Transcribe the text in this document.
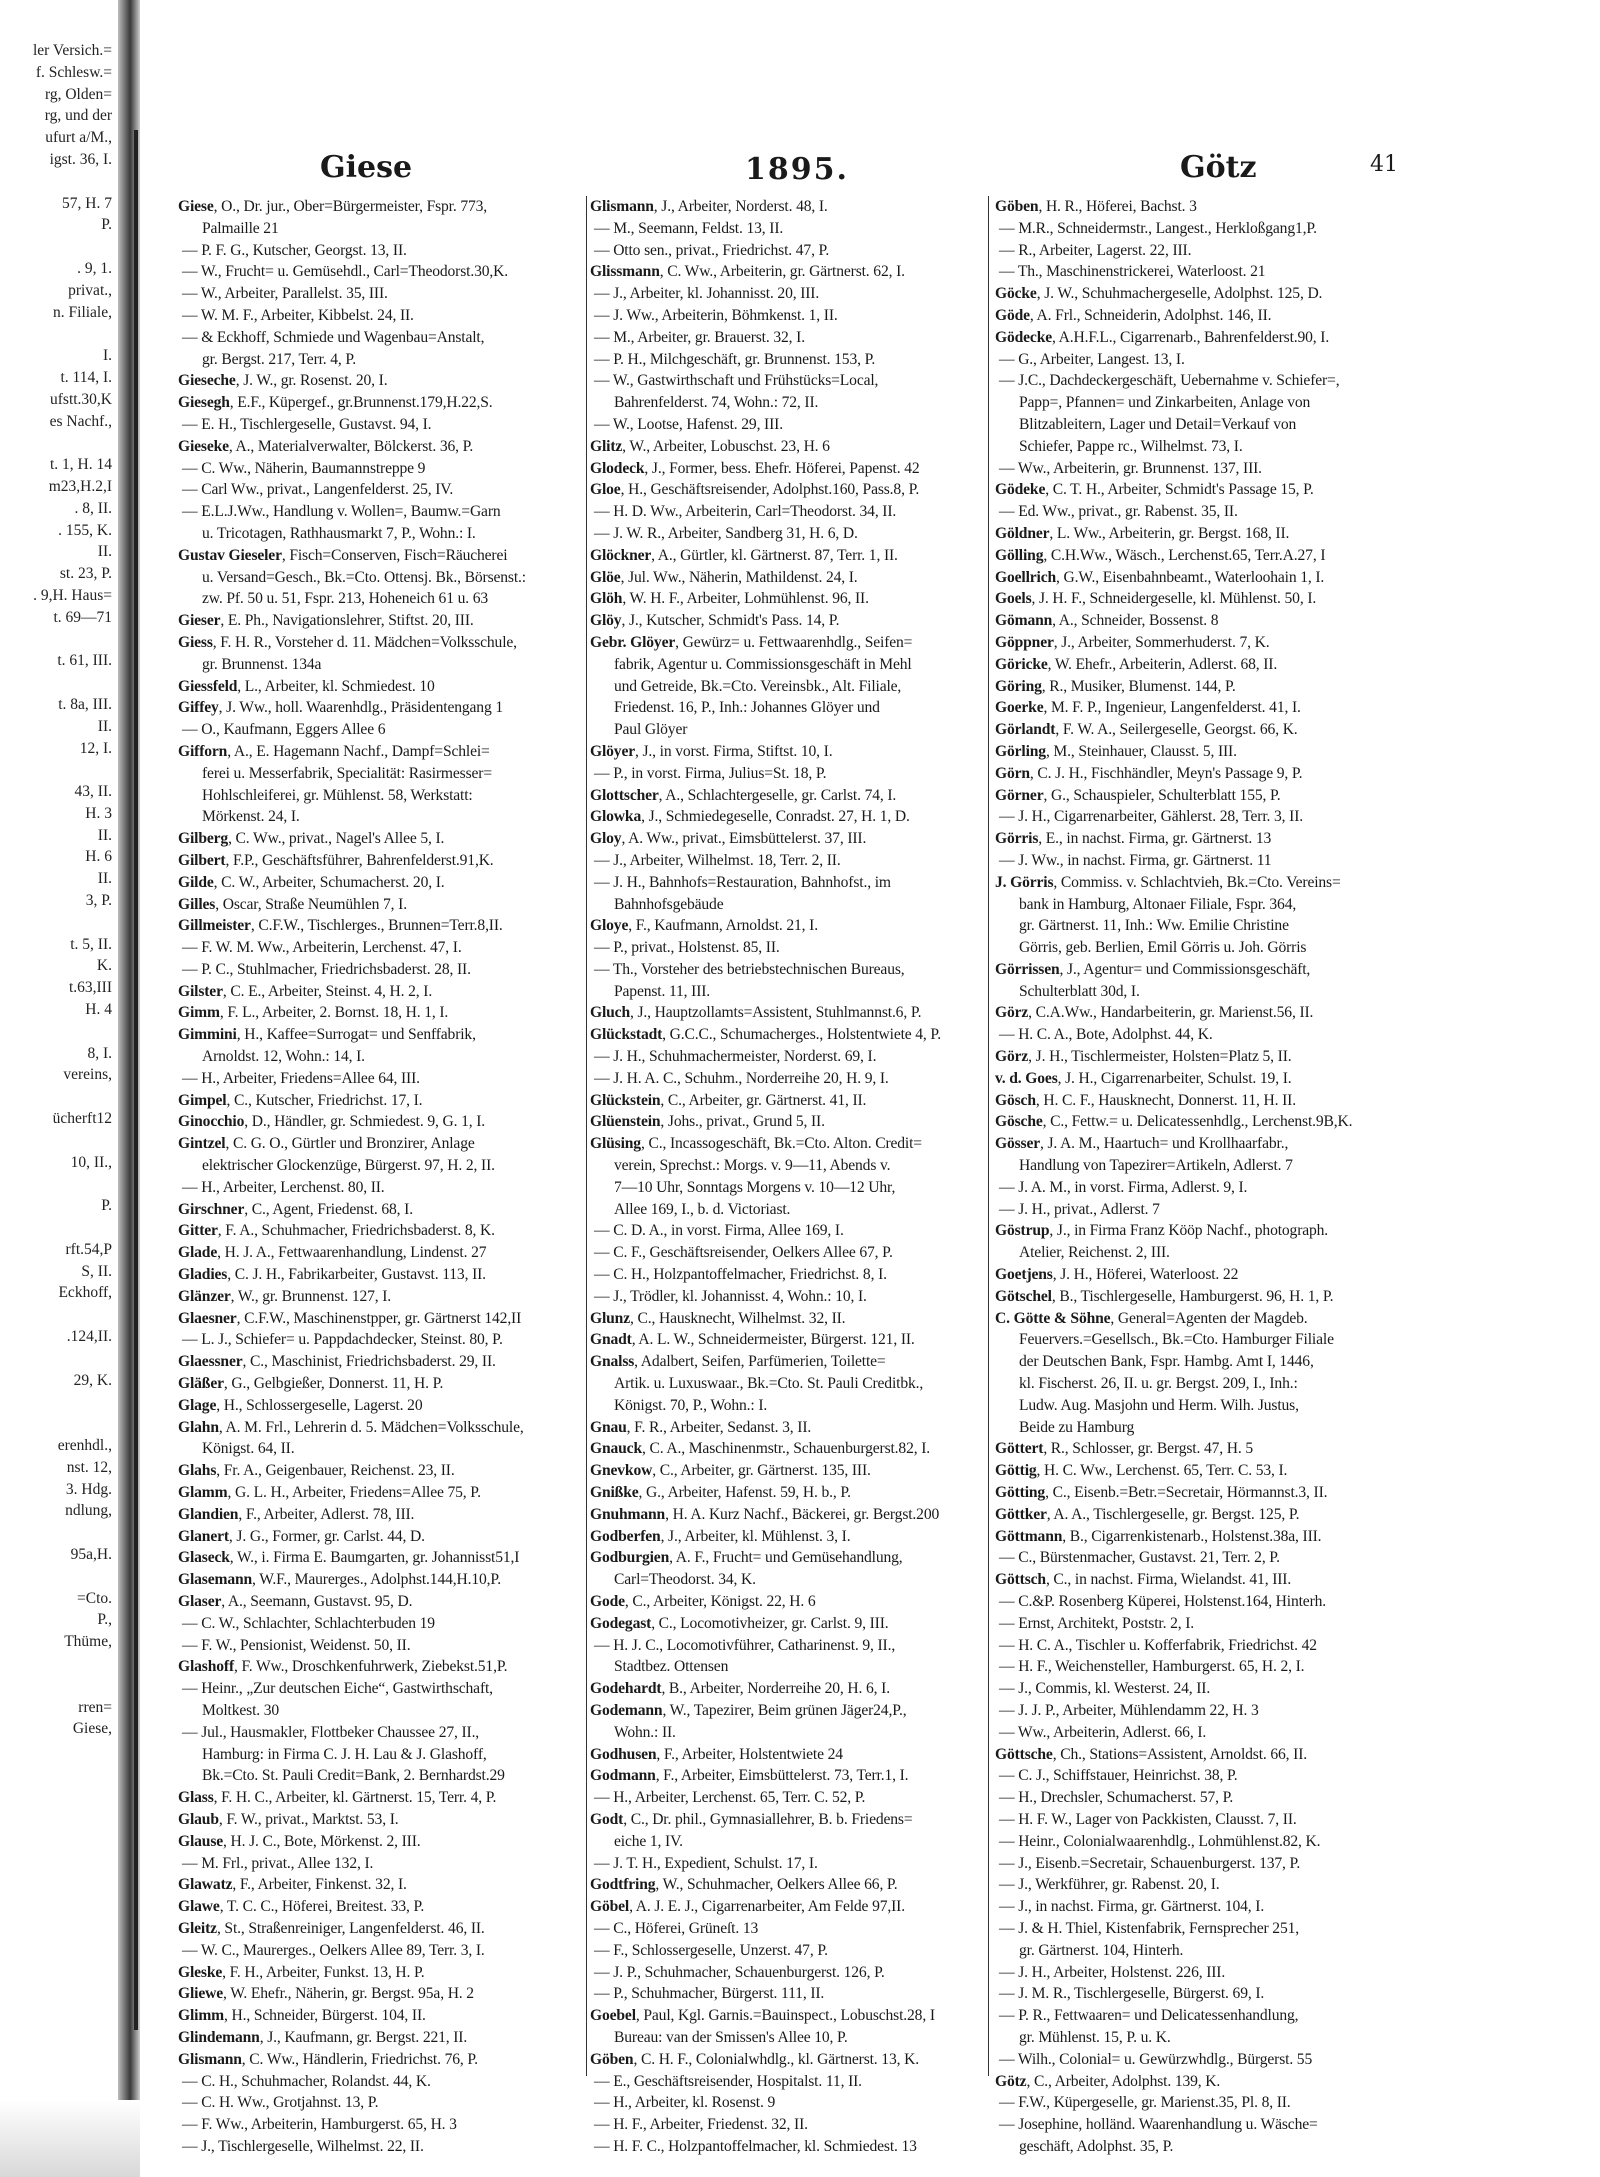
ler Versich.=
f. Schlesw.=
rg, Olden=
rg, und der
ufurt a/M.,
igst. 36, I.
57, H. 7
P.
. 9, 1.
privat.,
n. Filiale,
I.
t. 114, I.
ufstt.30,K
es Nachf.,
t. 1, H. 14
m23,H.2,I
. 8, II.
. 155, K.
II.
st. 23, P.
. 9,H. Haus=
t. 69—71
t. 61, III.
t. 8a, III.
II.
12, I.
43, II.
H. 3
II.
H. 6
II.
3, P.
t. 5, II.
K.
t.63,III
H. 4
8, I.
vereins,
ücherft12
10, II.,
P.
rft.54,P
S, II.
Eckhoff,
.124,II.
29, K.
erenhdl.,
nst. 12,
3. Hdg.
ndlung,
95a,H.
=Cto.
P.,
Thüme,
rren=
Giese,
Giese	1895.	Götz	41
Giese, O., Dr. jur., Ober=Bürgermeister, Fspr. 773,
Palmaille 21
— P. F. G., Kutscher, Georgst. 13, II.
— W., Frucht= u. Gemüsehdl., Carl=Theodorst.30,K.
— W., Arbeiter, Parallelst. 35, III.
— W. M. F., Arbeiter, Kibbelst. 24, II.
— & Eckhoff, Schmiede und Wagenbau=Anstalt,
gr. Bergst. 217, Terr. 4, P.
Gieseche, J. W., gr. Rosenst. 20, I.
Giesegh, E.F., Küpergef., gr.Brunnenst.179,H.22,S.
— E. H., Tischlergeselle, Gustavst. 94, I.
Gieseke, A., Materialverwalter, Bölckerst. 36, P.
— C. Ww., Näherin, Baumannstreppe 9
— Carl Ww., privat., Langenfelderst. 25, IV.
— E.L.J.Ww., Handlung v. Wollen=, Baumw.=Garn
u. Tricotagen, Rathhausmarkt 7, P., Wohn.: I.
Gustav Gieseler, Fisch=Conserven, Fisch=Räucherei
u. Versand=Gesch., Bk.=Cto. Ottensj. Bk., Börsenst.:
zw. Pf. 50 u. 51, Fspr. 213, Hoheneich 61 u. 63
Gieser, E. Ph., Navigationslehrer, Stiftst. 20, III.
Giess, F. H. R., Vorsteher d. 11. Mädchen=Volksschule,
gr. Brunnenst. 134a
Giessfeld, L., Arbeiter, kl. Schmiedest. 10
Giffey, J. Ww., holl. Waarenhdlg., Präsidentengang 1
— O., Kaufmann, Eggers Allee 6
Gifforn, A., E. Hagemann Nachf., Dampf=Schlei=
ferei u. Messerfabrik, Specialität: Rasirmesser=
Hohlschleiferei, gr. Mühlenst. 58, Werkstatt:
Mörkenst. 24, I.
Gilberg, C. Ww., privat., Nagel's Allee 5, I.
Gilbert, F.P., Geschäftsführer, Bahrenfelderst.91,K.
Gilde, C. W., Arbeiter, Schumacherst. 20, I.
Gilles, Oscar, Straße Neumühlen 7, I.
Gillmeister, C.F.W., Tischlerges., Brunnen=Terr.8,II.
— F. W. M. Ww., Arbeiterin, Lerchenst. 47, I.
— P. C., Stuhlmacher, Friedrichsbaderst. 28, II.
Gilster, C. E., Arbeiter, Steinst. 4, H. 2, I.
Gimm, F. L., Arbeiter, 2. Bornst. 18, H. 1, I.
Gimmini, H., Kaffee=Surrogat= und Senffabrik,
Arnoldst. 12, Wohn.: 14, I.
— H., Arbeiter, Friedens=Allee 64, III.
Gimpel, C., Kutscher, Friedrichst. 17, I.
Ginocchio, D., Händler, gr. Schmiedest. 9, G. 1, I.
Gintzel, C. G. O., Gürtler und Bronzirer, Anlage
elektrischer Glockenzüge, Bürgerst. 97, H. 2, II.
— H., Arbeiter, Lerchenst. 80, II.
Girschner, C., Agent, Friedenst. 68, I.
Gitter, F. A., Schuhmacher, Friedrichsbaderst. 8, K.
Glade, H. J. A., Fettwaarenhandlung, Lindenst. 27
Gladies, C. J. H., Fabrikarbeiter, Gustavst. 113, II.
Glänzer, W., gr. Brunnenst. 127, I.
Glaesner, C.F.W., Maschinenstpper, gr. Gärtnerst 142,II
— L. J., Schiefer= u. Pappdachdecker, Steinst. 80, P.
Glaessner, C., Maschinist, Friedrichsbaderst. 29, II.
Gläßer, G., Gelbgießer, Donnerst. 11, H. P.
Glage, H., Schlossergeselle, Lagerst. 20
Glahn, A. M. Frl., Lehrerin d. 5. Mädchen=Volksschule,
Königst. 64, II.
Glahs, Fr. A., Geigenbauer, Reichenst. 23, II.
Glamm, G. L. H., Arbeiter, Friedens=Allee 75, P.
Glandien, F., Arbeiter, Adlerst. 78, III.
Glanert, J. G., Former, gr. Carlst. 44, D.
Glaseck, W., i. Firma E. Baumgarten, gr. Johannisst51,I
Glasemann, W.F., Maurerges., Adolphst.144,H.10,P.
Glaser, A., Seemann, Gustavst. 95, D.
— C. W., Schlachter, Schlachterbuden 19
— F. W., Pensionist, Weidenst. 50, II.
Glashoff, F. Ww., Droschkenfuhrwerk, Ziebekst.51,P.
— Heinr., „Zur deutschen Eiche“, Gastwirthschaft,
Moltkest. 30
— Jul., Hausmakler, Flottbeker Chaussee 27, II.,
Hamburg: in Firma C. J. H. Lau & J. Glashoff,
Bk.=Cto. St. Pauli Credit=Bank, 2. Bernhardst.29
Glass, F. H. C., Arbeiter, kl. Gärtnerst. 15, Terr. 4, P.
Glaub, F. W., privat., Marktst. 53, I.
Glause, H. J. C., Bote, Mörkenst. 2, III.
— M. Frl., privat., Allee 132, I.
Glawatz, F., Arbeiter, Finkenst. 32, I.
Glawe, T. C. C., Höferei, Breitest. 33, P.
Gleitz, St., Straßenreiniger, Langenfelderst. 46, II.
— W. C., Maurerges., Oelkers Allee 89, Terr. 3, I.
Gleske, F. H., Arbeiter, Funkst. 13, H. P.
Gliewe, W. Ehefr., Näherin, gr. Bergst. 95a, H. 2
Glimm, H., Schneider, Bürgerst. 104, II.
Glindemann, J., Kaufmann, gr. Bergst. 221, II.
Glismann, C. Ww., Händlerin, Friedrichst. 76, P.
— C. H., Schuhmacher, Rolandst. 44, K.
— C. H. Ww., Grotjahnst. 13, P.
— F. Ww., Arbeiterin, Hamburgerst. 65, H. 3
— J., Tischlergeselle, Wilhelmst. 22, II.
Glismann, J., Arbeiter, Norderst. 48, I.
— M., Seemann, Feldst. 13, II.
— Otto sen., privat., Friedrichst. 47, P.
Glissmann, C. Ww., Arbeiterin, gr. Gärtnerst. 62, I.
— J., Arbeiter, kl. Johannisst. 20, III.
— J. Ww., Arbeiterin, Böhmkenst. 1, II.
— M., Arbeiter, gr. Brauerst. 32, I.
— P. H., Milchgeschäft, gr. Brunnenst. 153, P.
— W., Gastwirthschaft und Frühstücks=Local,
Bahrenfelderst. 74, Wohn.: 72, II.
— W., Lootse, Hafenst. 29, III.
Glitz, W., Arbeiter, Lobuschst. 23, H. 6
Glodeck, J., Former, bess. Ehefr. Höferei, Papenst. 42
Gloe, H., Geschäftsreisender, Adolphst.160, Pass.8, P.
— H. D. Ww., Arbeiterin, Carl=Theodorst. 34, II.
— J. W. R., Arbeiter, Sandberg 31, H. 6, D.
Glöckner, A., Gürtler, kl. Gärtnerst. 87, Terr. 1, II.
Glöe, Jul. Ww., Näherin, Mathildenst. 24, I.
Glöh, W. H. F., Arbeiter, Lohmühlenst. 96, II.
Glöy, J., Kutscher, Schmidt's Pass. 14, P.
Gebr. Glöyer, Gewürz= u. Fettwaarenhdlg., Seifen=
fabrik, Agentur u. Commissionsgeschäft in Mehl
und Getreide, Bk.=Cto. Vereinsbk., Alt. Filiale,
Friedenst. 16, P., Inh.: Johannes Glöyer und
Paul Glöyer
Glöyer, J., in vorst. Firma, Stiftst. 10, I.
— P., in vorst. Firma, Julius=St. 18, P.
Glottscher, A., Schlachtergeselle, gr. Carlst. 74, I.
Glowka, J., Schmiedegeselle, Conradst. 27, H. 1, D.
Gloy, A. Ww., privat., Eimsbüttelerst. 37, III.
— J., Arbeiter, Wilhelmst. 18, Terr. 2, II.
— J. H., Bahnhofs=Restauration, Bahnhofst., im
Bahnhofsgebäude
Gloye, F., Kaufmann, Arnoldst. 21, I.
— P., privat., Holstenst. 85, II.
— Th., Vorsteher des betriebstechnischen Bureaus,
Papenst. 11, III.
Gluch, J., Hauptzollamts=Assistent, Stuhlmannst.6, P.
Glückstadt, G.C.C., Schumacherges., Holstentwiete 4, P.
— J. H., Schuhmachermeister, Norderst. 69, I.
— J. H. A. C., Schuhm., Norderreihe 20, H. 9, I.
Glückstein, C., Arbeiter, gr. Gärtnerst. 41, II.
Glüenstein, Johs., privat., Grund 5, II.
Glüsing, C., Incassogeschäft, Bk.=Cto. Alton. Credit=
verein, Sprechst.: Morgs. v. 9—11, Abends v.
7—10 Uhr, Sonntags Morgens v. 10—12 Uhr,
Allee 169, I., b. d. Victoriast.
— C. D. A., in vorst. Firma, Allee 169, I.
— C. F., Geschäftsreisender, Oelkers Allee 67, P.
— C. H., Holzpantoffelmacher, Friedrichst. 8, I.
— J., Trödler, kl. Johannisst. 4, Wohn.: 10, I.
Glunz, C., Hausknecht, Wilhelmst. 32, II.
Gnadt, A. L. W., Schneidermeister, Bürgerst. 121, II.
Gnalss, Adalbert, Seifen, Parfümerien, Toilette=
Artik. u. Luxuswaar., Bk.=Cto. St. Pauli Creditbk.,
Königst. 70, P., Wohn.: I.
Gnau, F. R., Arbeiter, Sedanst. 3, II.
Gnauck, C. A., Maschinenmstr., Schauenburgerst.82, I.
Gnevkow, C., Arbeiter, gr. Gärtnerst. 135, III.
Gnißke, G., Arbeiter, Hafenst. 59, H. b., P.
Gnuhmann, H. A. Kurz Nachf., Bäckerei, gr. Bergst.200
Godberfen, J., Arbeiter, kl. Mühlenst. 3, I.
Godburgien, A. F., Frucht= und Gemüsehandlung,
Carl=Theodorst. 34, K.
Gode, C., Arbeiter, Königst. 22, H. 6
Godegast, C., Locomotivheizer, gr. Carlst. 9, III.
— H. J. C., Locomotivführer, Catharinenst. 9, II.,
Stadtbez. Ottensen
Godehardt, B., Arbeiter, Norderreihe 20, H. 6, I.
Godemann, W., Tapezirer, Beim grünen Jäger24,P.,
Wohn.: II.
Godhusen, F., Arbeiter, Holstentwiete 24
Godmann, F., Arbeiter, Eimsbüttelerst. 73, Terr.1, I.
— H., Arbeiter, Lerchenst. 65, Terr. C. 52, P.
Godt, C., Dr. phil., Gymnasiallehrer, B. b. Friedens=
eiche 1, IV.
— J. T. H., Expedient, Schulst. 17, I.
Godtfring, W., Schuhmacher, Oelkers Allee 66, P.
Göbel, A. J. E. J., Cigarrenarbeiter, Am Felde 97,II.
— C., Höferei, Grüneſt. 13
— F., Schlossergeselle, Unzerst. 47, P.
— J. P., Schuhmacher, Schauenburgerst. 126, P.
— P., Schuhmacher, Bürgerst. 111, II.
Goebel, Paul, Kgl. Garnis.=Bauinspect., Lobuschst.28, I
Bureau: van der Smissen's Allee 10, P.
Göben, C. H. F., Colonialwhdlg., kl. Gärtnerst. 13, K.
— E., Geschäftsreisender, Hospitalst. 11, II.
— H., Arbeiter, kl. Rosenst. 9
— H. F., Arbeiter, Friedenst. 32, II.
— H. F. C., Holzpantoffelmacher, kl. Schmiedest. 13
Göben, H. R., Höferei, Bachst. 3
— M.R., Schneidermstr., Langest., Herkloßgang1,P.
— R., Arbeiter, Lagerst. 22, III.
— Th., Maschinenstrickerei, Waterloost. 21
Göcke, J. W., Schuhmachergeselle, Adolphst. 125, D.
Göde, A. Frl., Schneiderin, Adolphst. 146, II.
Gödecke, A.H.F.L., Cigarrenarb., Bahrenfelderst.90, I.
— G., Arbeiter, Langest. 13, I.
— J.C., Dachdeckergeschäft, Uebernahme v. Schiefer=,
Papp=, Pfannen= und Zinkarbeiten, Anlage von
Blitzableitern, Lager und Detail=Verkauf von
Schiefer, Pappe rc., Wilhelmst. 73, I.
— Ww., Arbeiterin, gr. Brunnenst. 137, III.
Gödeke, C. T. H., Arbeiter, Schmidt's Passage 15, P.
— Ed. Ww., privat., gr. Rabenst. 35, II.
Göldner, L. Ww., Arbeiterin, gr. Bergst. 168, II.
Gölling, C.H.Ww., Wäsch., Lerchenst.65, Terr.A.27, I
Goellrich, G.W., Eisenbahnbeamt., Waterloohain 1, I.
Goels, J. H. F., Schneidergeselle, kl. Mühlenst. 50, I.
Gömann, A., Schneider, Bossenst. 8
Göppner, J., Arbeiter, Sommerhuderst. 7, K.
Göricke, W. Ehefr., Arbeiterin, Adlerst. 68, II.
Göring, R., Musiker, Blumenst. 144, P.
Goerke, M. F. P., Ingenieur, Langenfelderst. 41, I.
Görlandt, F. W. A., Seilergeselle, Georgst. 66, K.
Görling, M., Steinhauer, Clausst. 5, III.
Görn, C. J. H., Fischhändler, Meyn's Passage 9, P.
Görner, G., Schauspieler, Schulterblatt 155, P.
— J. H., Cigarrenarbeiter, Gählerst. 28, Terr. 3, II.
Görris, E., in nachst. Firma, gr. Gärtnerst. 13
— J. Ww., in nachst. Firma, gr. Gärtnerst. 11
J. Görris, Commiss. v. Schlachtvieh, Bk.=Cto. Vereins=
bank in Hamburg, Altonaer Filiale, Fspr. 364,
gr. Gärtnerst. 11, Inh.: Ww. Emilie Christine
Görris, geb. Berlien, Emil Görris u. Joh. Görris
Görrissen, J., Agentur= und Commissionsgeschäft,
Schulterblatt 30d, I.
Görz, C.A.Ww., Handarbeiterin, gr. Marienst.56, II.
— H. C. A., Bote, Adolphst. 44, K.
Görz, J. H., Tischlermeister, Holsten=Platz 5, II.
v. d. Goes, J. H., Cigarrenarbeiter, Schulst. 19, I.
Gösch, H. C. F., Hausknecht, Donnerst. 11, H. II.
Gösche, C., Fettw.= u. Delicatessenhdlg., Lerchenst.9B,K.
Gösser, J. A. M., Haartuch= und Krollhaarfabr.,
Handlung von Tapezirer=Artikeln, Adlerst. 7
— J. A. M., in vorst. Firma, Adlerst. 9, I.
— J. H., privat., Adlerst. 7
Göstrup, J., in Firma Franz Kööp Nachf., photograph.
Atelier, Reichenst. 2, III.
Goetjens, J. H., Höferei, Waterloost. 22
Götschel, B., Tischlergeselle, Hamburgerst. 96, H. 1, P.
C. Götte & Söhne, General=Agenten der Magdeb.
Feuervers.=Gesellsch., Bk.=Cto. Hamburger Filiale
der Deutschen Bank, Fspr. Hambg. Amt I, 1446,
kl. Fischerst. 26, II. u. gr. Bergst. 209, I., Inh.:
Ludw. Aug. Masjohn und Herm. Wilh. Justus,
Beide zu Hamburg
Göttert, R., Schlosser, gr. Bergst. 47, H. 5
Göttig, H. C. Ww., Lerchenst. 65, Terr. C. 53, I.
Götting, C., Eisenb.=Betr.=Secretair, Hörmannst.3, II.
Göttker, A. A., Tischlergeselle, gr. Bergst. 125, P.
Göttmann, B., Cigarrenkistenarb., Holstenst.38a, III.
— C., Bürstenmacher, Gustavst. 21, Terr. 2, P.
Göttsch, C., in nachst. Firma, Wielandst. 41, III.
— C.&P. Rosenberg Küperei, Holstenst.164, Hinterh.
— Ernst, Architekt, Poststr. 2, I.
— H. C. A., Tischler u. Kofferfabrik, Friedrichst. 42
— H. F., Weichensteller, Hamburgerst. 65, H. 2, I.
— J., Commis, kl. Westerst. 24, II.
— J. J. P., Arbeiter, Mühlendamm 22, H. 3
— Ww., Arbeiterin, Adlerst. 66, I.
Göttsche, Ch., Stations=Assistent, Arnoldst. 66, II.
— C. J., Schiffstauer, Heinrichst. 38, P.
— H., Drechsler, Schumacherst. 57, P.
— H. F. W., Lager von Packkisten, Clausst. 7, II.
— Heinr., Colonialwaarenhdlg., Lohmühlenst.82, K.
— J., Eisenb.=Secretair, Schauenburgerst. 137, P.
— J., Werkführer, gr. Rabenst. 20, I.
— J., in nachst. Firma, gr. Gärtnerst. 104, I.
— J. & H. Thiel, Kistenfabrik, Fernsprecher 251,
gr. Gärtnerst. 104, Hinterh.
— J. H., Arbeiter, Holstenst. 226, III.
— J. M. R., Tischlergeselle, Bürgerst. 69, I.
— P. R., Fettwaaren= und Delicatessenhandlung,
gr. Mühlenst. 15, P. u. K.
— Wilh., Colonial= u. Gewürzwhdlg., Bürgerst. 55
Götz, C., Arbeiter, Adolphst. 139, K.
— F.W., Küpergeselle, gr. Marienst.35, Pl. 8, II.
— Josephine, holländ. Waarenhandlung u. Wäsche=
geschäft, Adolphst. 35, P.
